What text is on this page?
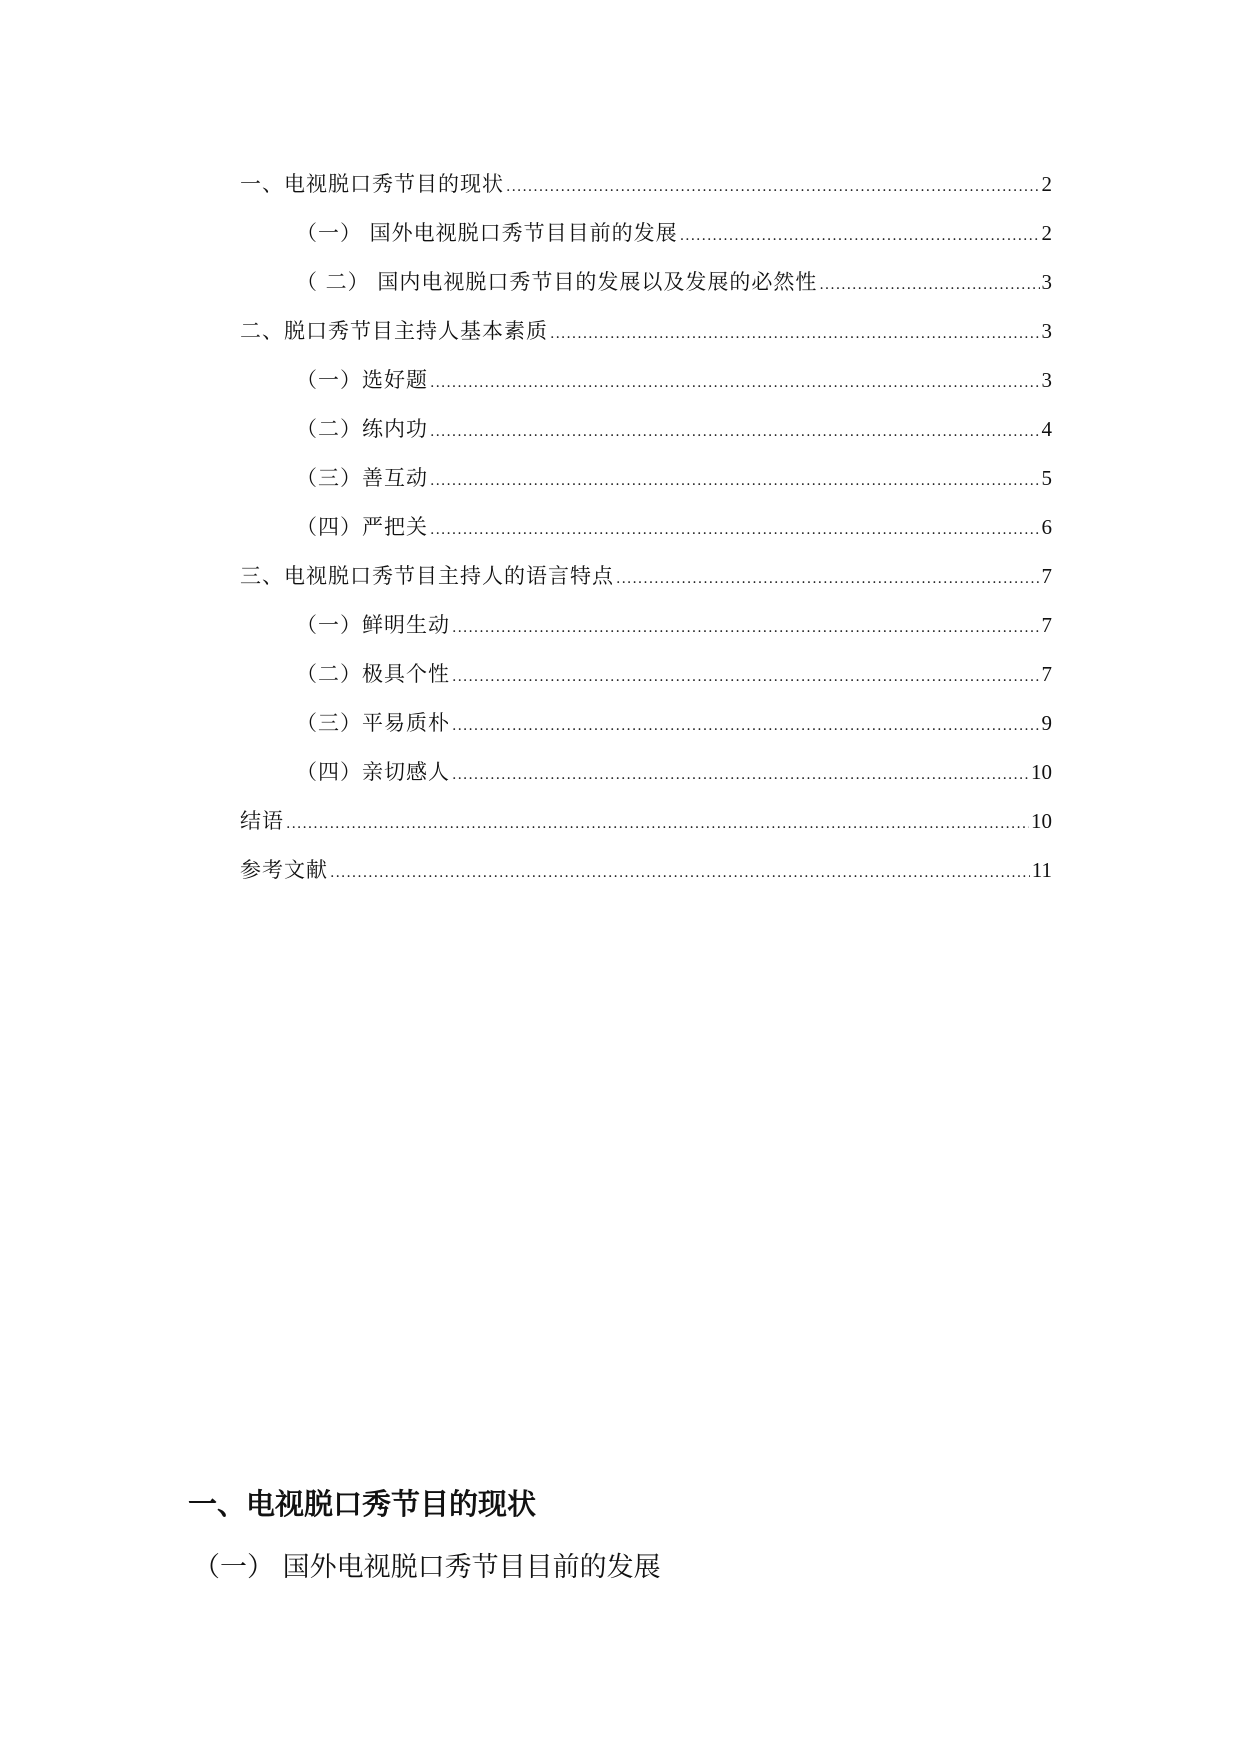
一、电视脱口秀节目的现状 .....	2
（一） 国外电视脱口秀节目目前的发展 .....	2
（ 二） 国内电视脱口秀节目的发展以及发展的必然性 .....	3
二、脱口秀节目主持人基本素质 .....	3
（一）选好题 .....	3
（二）练内功 .....	4
（三）善互动 .....	5
（四）严把关 .....	6
三、电视脱口秀节目主持人的语言特点 .....	7
（一）鲜明生动 .....	7
（二）极具个性 .....	7
（三）平易质朴 .....	9
（四）亲切感人 .....	10
结语 .....	10
参考文献 .....	11
一、电视脱口秀节目的现状
（一） 国外电视脱口秀节目目前的发展
